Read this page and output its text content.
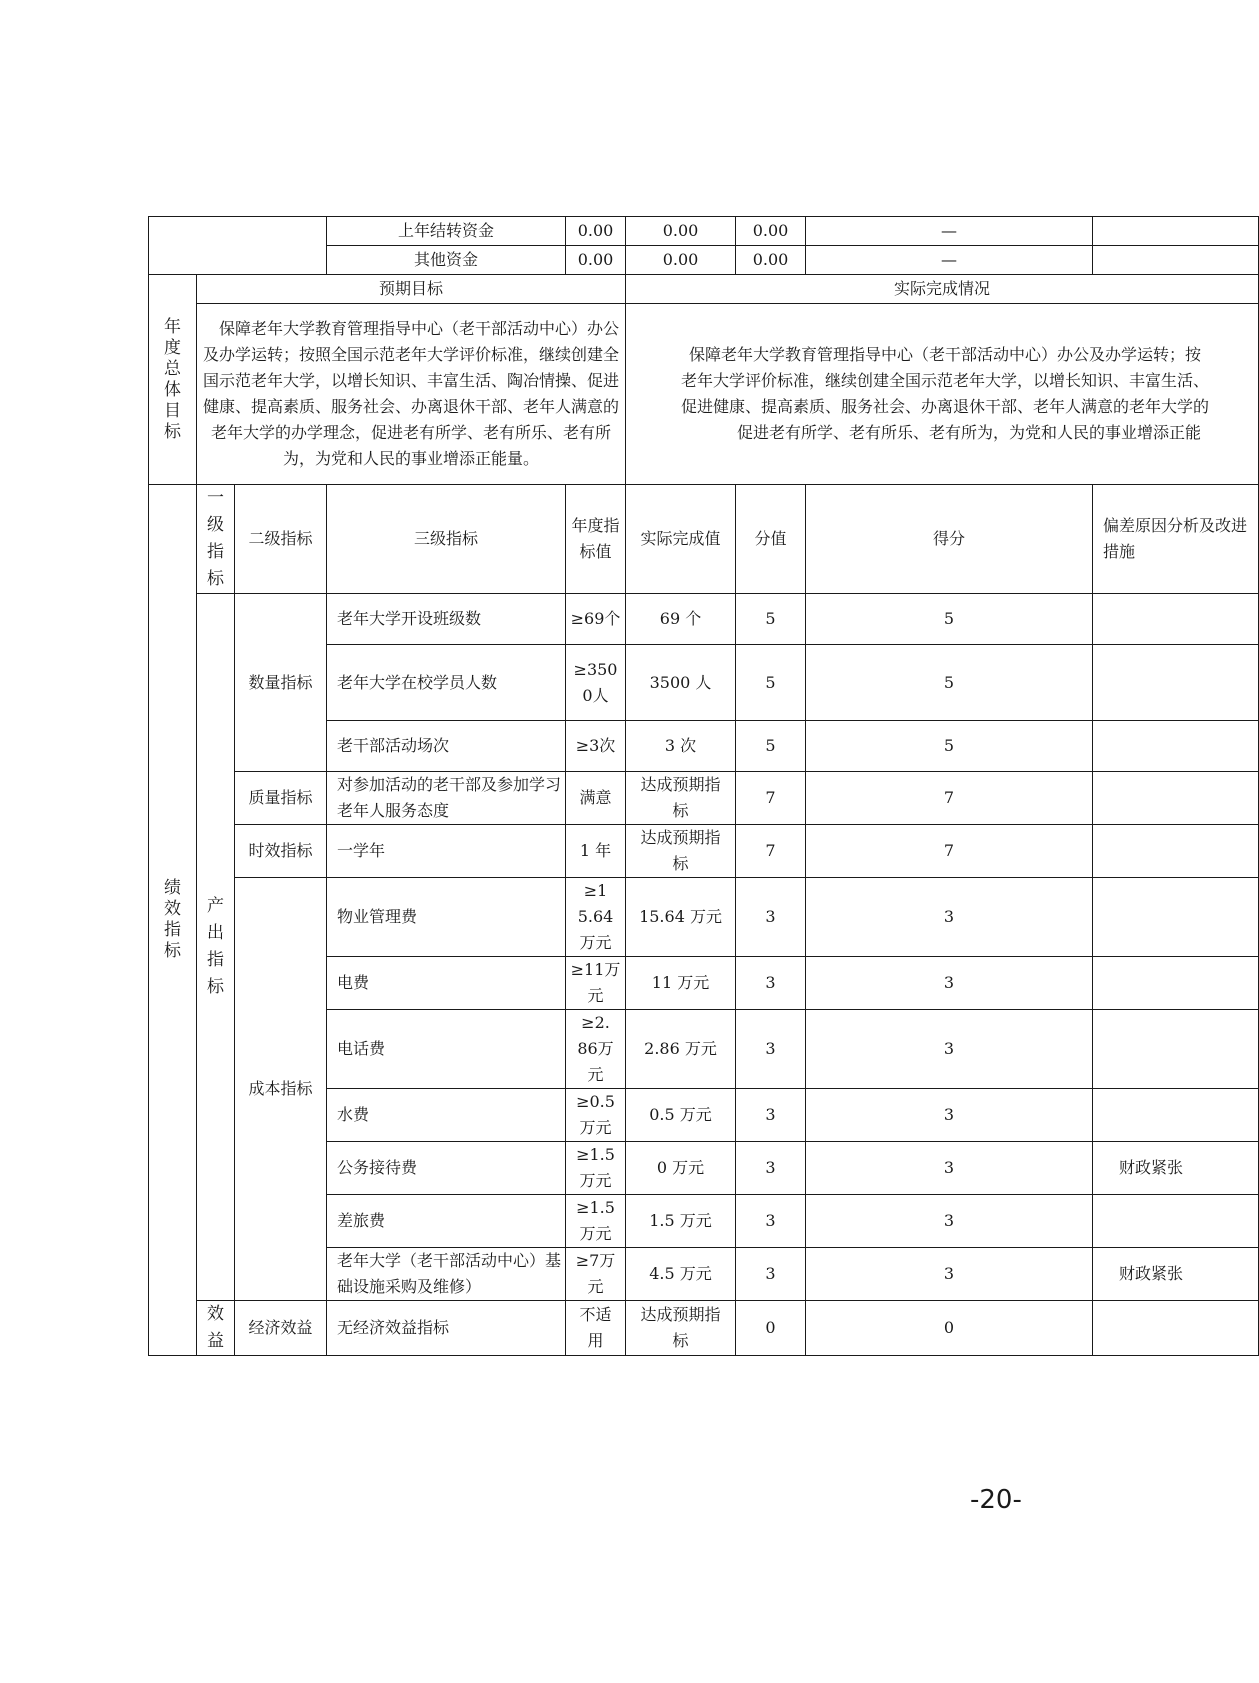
			上年结转资金	0.00	0.00	0.00	—		
			其他资金	0.00	0.00	0.00	—		
年度总体目标	预期目标				实际完成情况				
	保障老年大学教育管理指导中心（老干部活动中心）办公及办学运转；按照全国示范老年大学评价标准，继续创建全国示范老年大学，以增长知识、丰富生活、陶冶情操、促进健康、提高素质、服务社会、办离退休干部、老年人满意的老年大学的办学理念，促进老有所学、老有所乐、老有所为，为党和人民的事业增添正能量。				保障老年大学教育管理指导中心（老干部活动中心）办公及办学运转；按
老年大学评价标准，继续创建全国示范老年大学，以增长知识、丰富生活、
促进健康、提高素质、服务社会、办离退休干部、老年人满意的老年大学的
促进老有所学、老有所乐、老有所为，为党和人民的事业增添正能				

绩效指标	一级指标	二级指标	三级指标	年度指标值	实际完成值	分值	得分	偏差原因分析及改进措施	
	产出指标	数量指标	老年大学开设班级数	≥69个	69 个	5	5		
			老年大学在校学员人数	≥3500人	3500 人	5	5		
			老干部活动场次	≥3次	3 次	5	5		
		质量指标	对参加活动的老干部及参加学习老年人服务态度	满意	达成预期指标	7	7		
		时效指标	一学年	1 年	达成预期指标	7	7		
		成本指标	物业管理费	≥15.64万元	15.64 万元	3	3		
			电费	≥11万元	11 万元	3	3		
			电话费	≥2.86万元	2.86 万元	3	3		
			水费	≥0.5万元	0.5 万元	3	3		
			公务接待费	≥1.5万元	0 万元	3	3	财政紧张	
			差旅费	≥1.5万元	1.5 万元	3	3		
			老年大学（老干部活动中心）基础设施采购及维修）	≥7万元	4.5 万元	3	3	财政紧张	
	效益	经济效益	无经济效益指标	不适用	达成预期指标	0	0		
-20-
